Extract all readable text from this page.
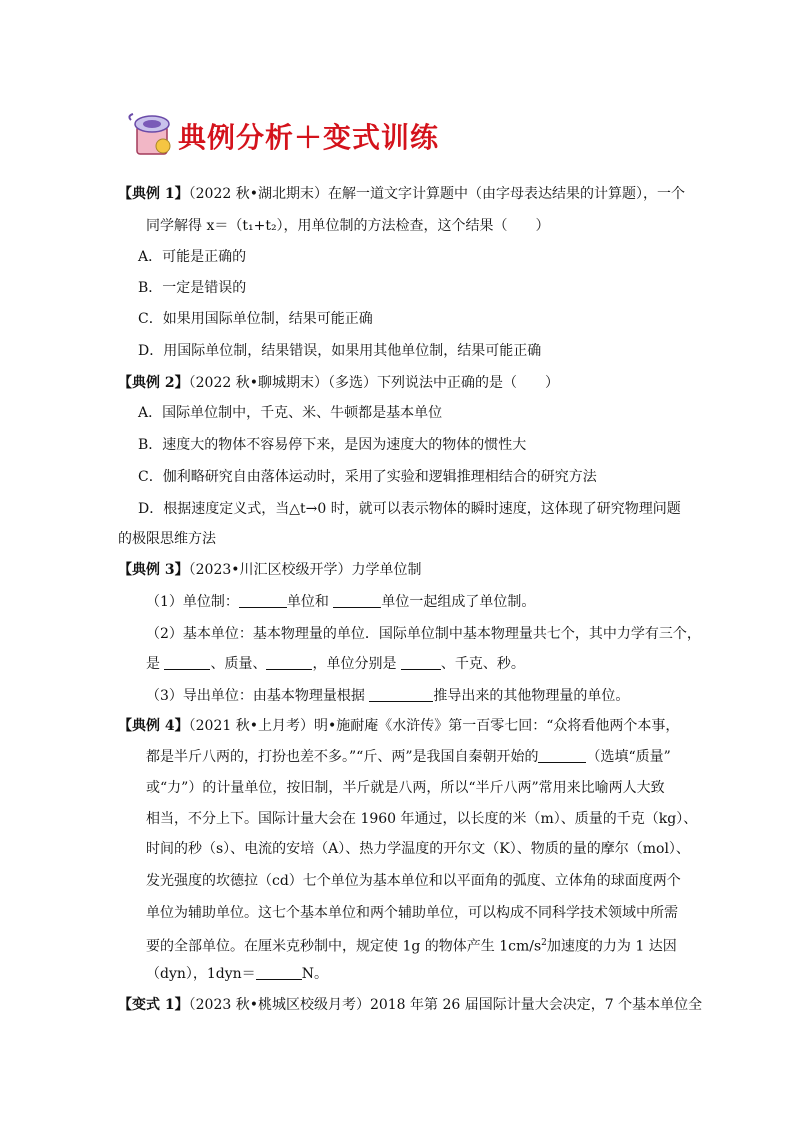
典例分析＋变式训练
【典例 1】（2022 秋•湖北期末）在解一道文字计算题中（由字母表达结果的计算题），一个
同学解得 x＝（t₁+t₂），用单位制的方法检查，这个结果（　　）
A．可能是正确的
B．一定是错误的
C．如果用国际单位制，结果可能正确
D．用国际单位制，结果错误，如果用其他单位制，结果可能正确
【典例 2】（2022 秋•聊城期末）（多选）下列说法中正确的是（　　）
A．国际单位制中，千克、米、牛顿都是基本单位
B．速度大的物体不容易停下来，是因为速度大的物体的惯性大
C．伽利略研究自由落体运动时，采用了实验和逻辑推理相结合的研究方法
D．根据速度定义式，当△t→0 时，就可以表示物体的瞬时速度，这体现了研究物理问题
的极限思维方法
【典例 3】（2023•川汇区校级开学）力学单位制
（1）单位制：	单位和	单位一起组成了单位制。
（2）基本单位：基本物理量的单位．国际单位制中基本物理量共七个，其中力学有三个，
是	、质量、	，单位分别是	、千克、秒。
（3）导出单位：由基本物理量根据	推导出来的其他物理量的单位。
【典例 4】（2021 秋•上月考）明•施耐庵《水浒传》第一百零七回：“众将看他两个本事，
都是半斤八两的，打扮也差不多。”“斤、两”是我国自秦朝开始的	（选填“质量”
或“力”）的计量单位，按旧制，半斤就是八两，所以“半斤八两”常用来比喻两人大致
相当，不分上下。国际计量大会在 1960 年通过，以长度的米（m）、质量的千克（kg）、
时间的秒（s）、电流的安培（A）、热力学温度的开尔文（K）、物质的量的摩尔（mol）、
发光强度的坎德拉（cd）七个单位为基本单位和以平面角的弧度、立体角的球面度两个
单位为辅助单位。这七个基本单位和两个辅助单位，可以构成不同科学技术领域中所需
要的全部单位。在厘米克秒制中，规定使 1g 的物体产生 $1cm/s^2$加速度的力为 1 达因
（dyn），1dyn＝	N。
【变式 1】（2023 秋•桃城区校级月考）2018 年第 26 届国际计量大会决定，7 个基本单位全
